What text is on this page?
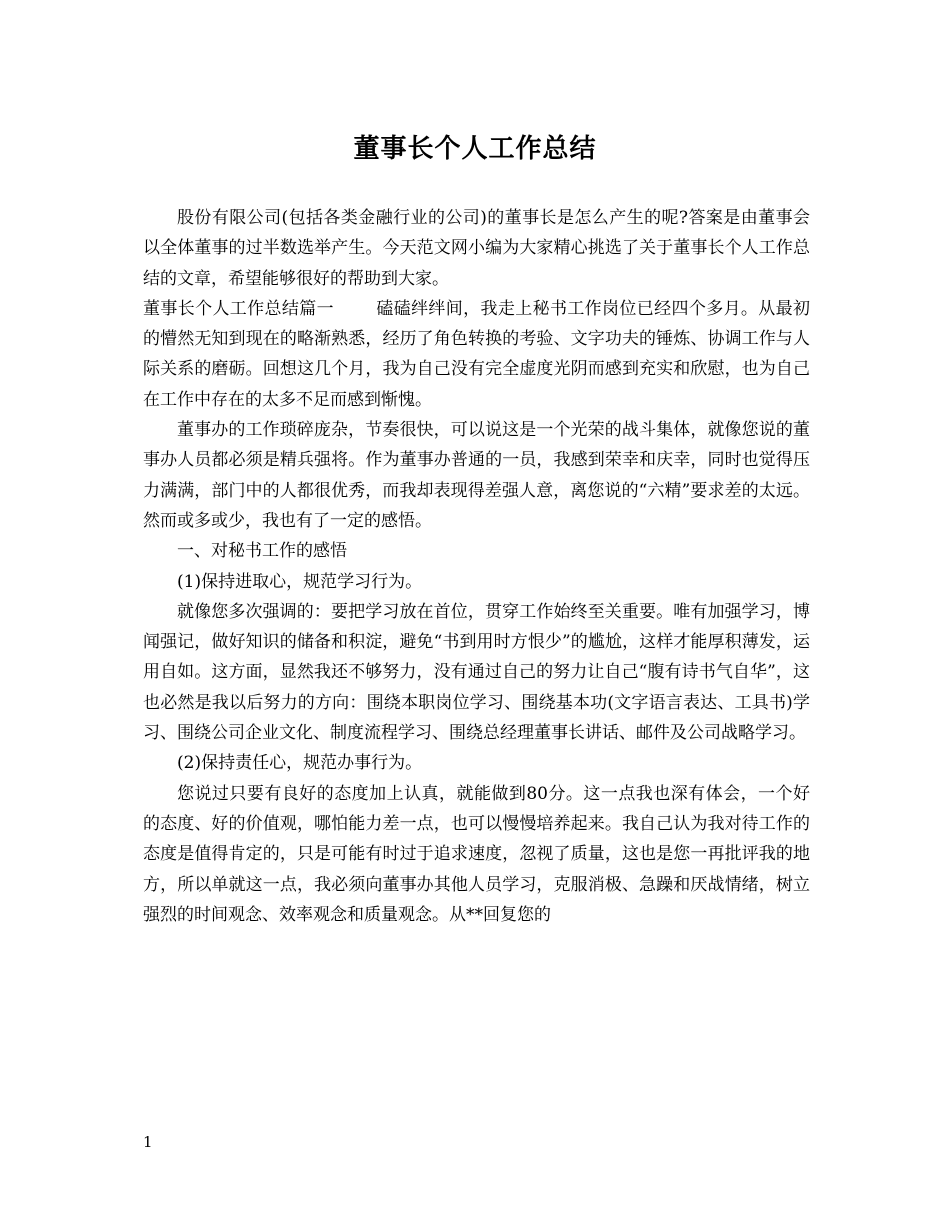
董事长个人工作总结

股份有限公司(包括各类金融行业的公司)的董事长是怎么产生的呢?答案是由董事会以全体董事的过半数选举产生。今天范文网小编为大家精心挑选了关于董事长个人工作总结的文章，希望能够很好的帮助到大家。

董事长个人工作总结篇一 磕磕绊绊间，我走上秘书工作岗位已经四个多月。从最初的懵然无知到现在的略渐熟悉，经历了角色转换的考验、文字功夫的锤炼、协调工作与人际关系的磨砺。回想这几个月，我为自己没有完全虚度光阴而感到充实和欣慰，也为自己在工作中存在的太多不足而感到惭愧。

董事办的工作琐碎庞杂，节奏很快，可以说这是一个光荣的战斗集体，就像您说的董事办人员都必须是精兵强将。作为董事办普通的一员，我感到荣幸和庆幸，同时也觉得压力满满，部门中的人都很优秀，而我却表现得差强人意，离您说的“六精”要求差的太远。然而或多或少，我也有了一定的感悟。

一、对秘书工作的感悟

(1)保持进取心，规范学习行为。

就像您多次强调的：要把学习放在首位，贯穿工作始终至关重要。唯有加强学习，博闻强记，做好知识的储备和积淀，避免“书到用时方恨少”的尴尬，这样才能厚积薄发，运用自如。这方面，显然我还不够努力，没有通过自己的努力让自己“腹有诗书气自华”，这也必然是我以后努力的方向：围绕本职岗位学习、围绕基本功(文字语言表达、工具书)学习、围绕公司企业文化、制度流程学习、围绕总经理董事长讲话、邮件及公司战略学习。

(2)保持责任心，规范办事行为。

您说过只要有良好的态度加上认真，就能做到80分。这一点我也深有体会，一个好的态度、好的价值观，哪怕能力差一点，也可以慢慢培养起来。我自己认为我对待工作的态度是值得肯定的，只是可能有时过于追求速度，忽视了质量，这也是您一再批评我的地方，所以单就这一点，我必须向董事办其他人员学习，克服消极、急躁和厌战情绪，树立强烈的时间观念、效率观念和质量观念。从**回复您的

1
